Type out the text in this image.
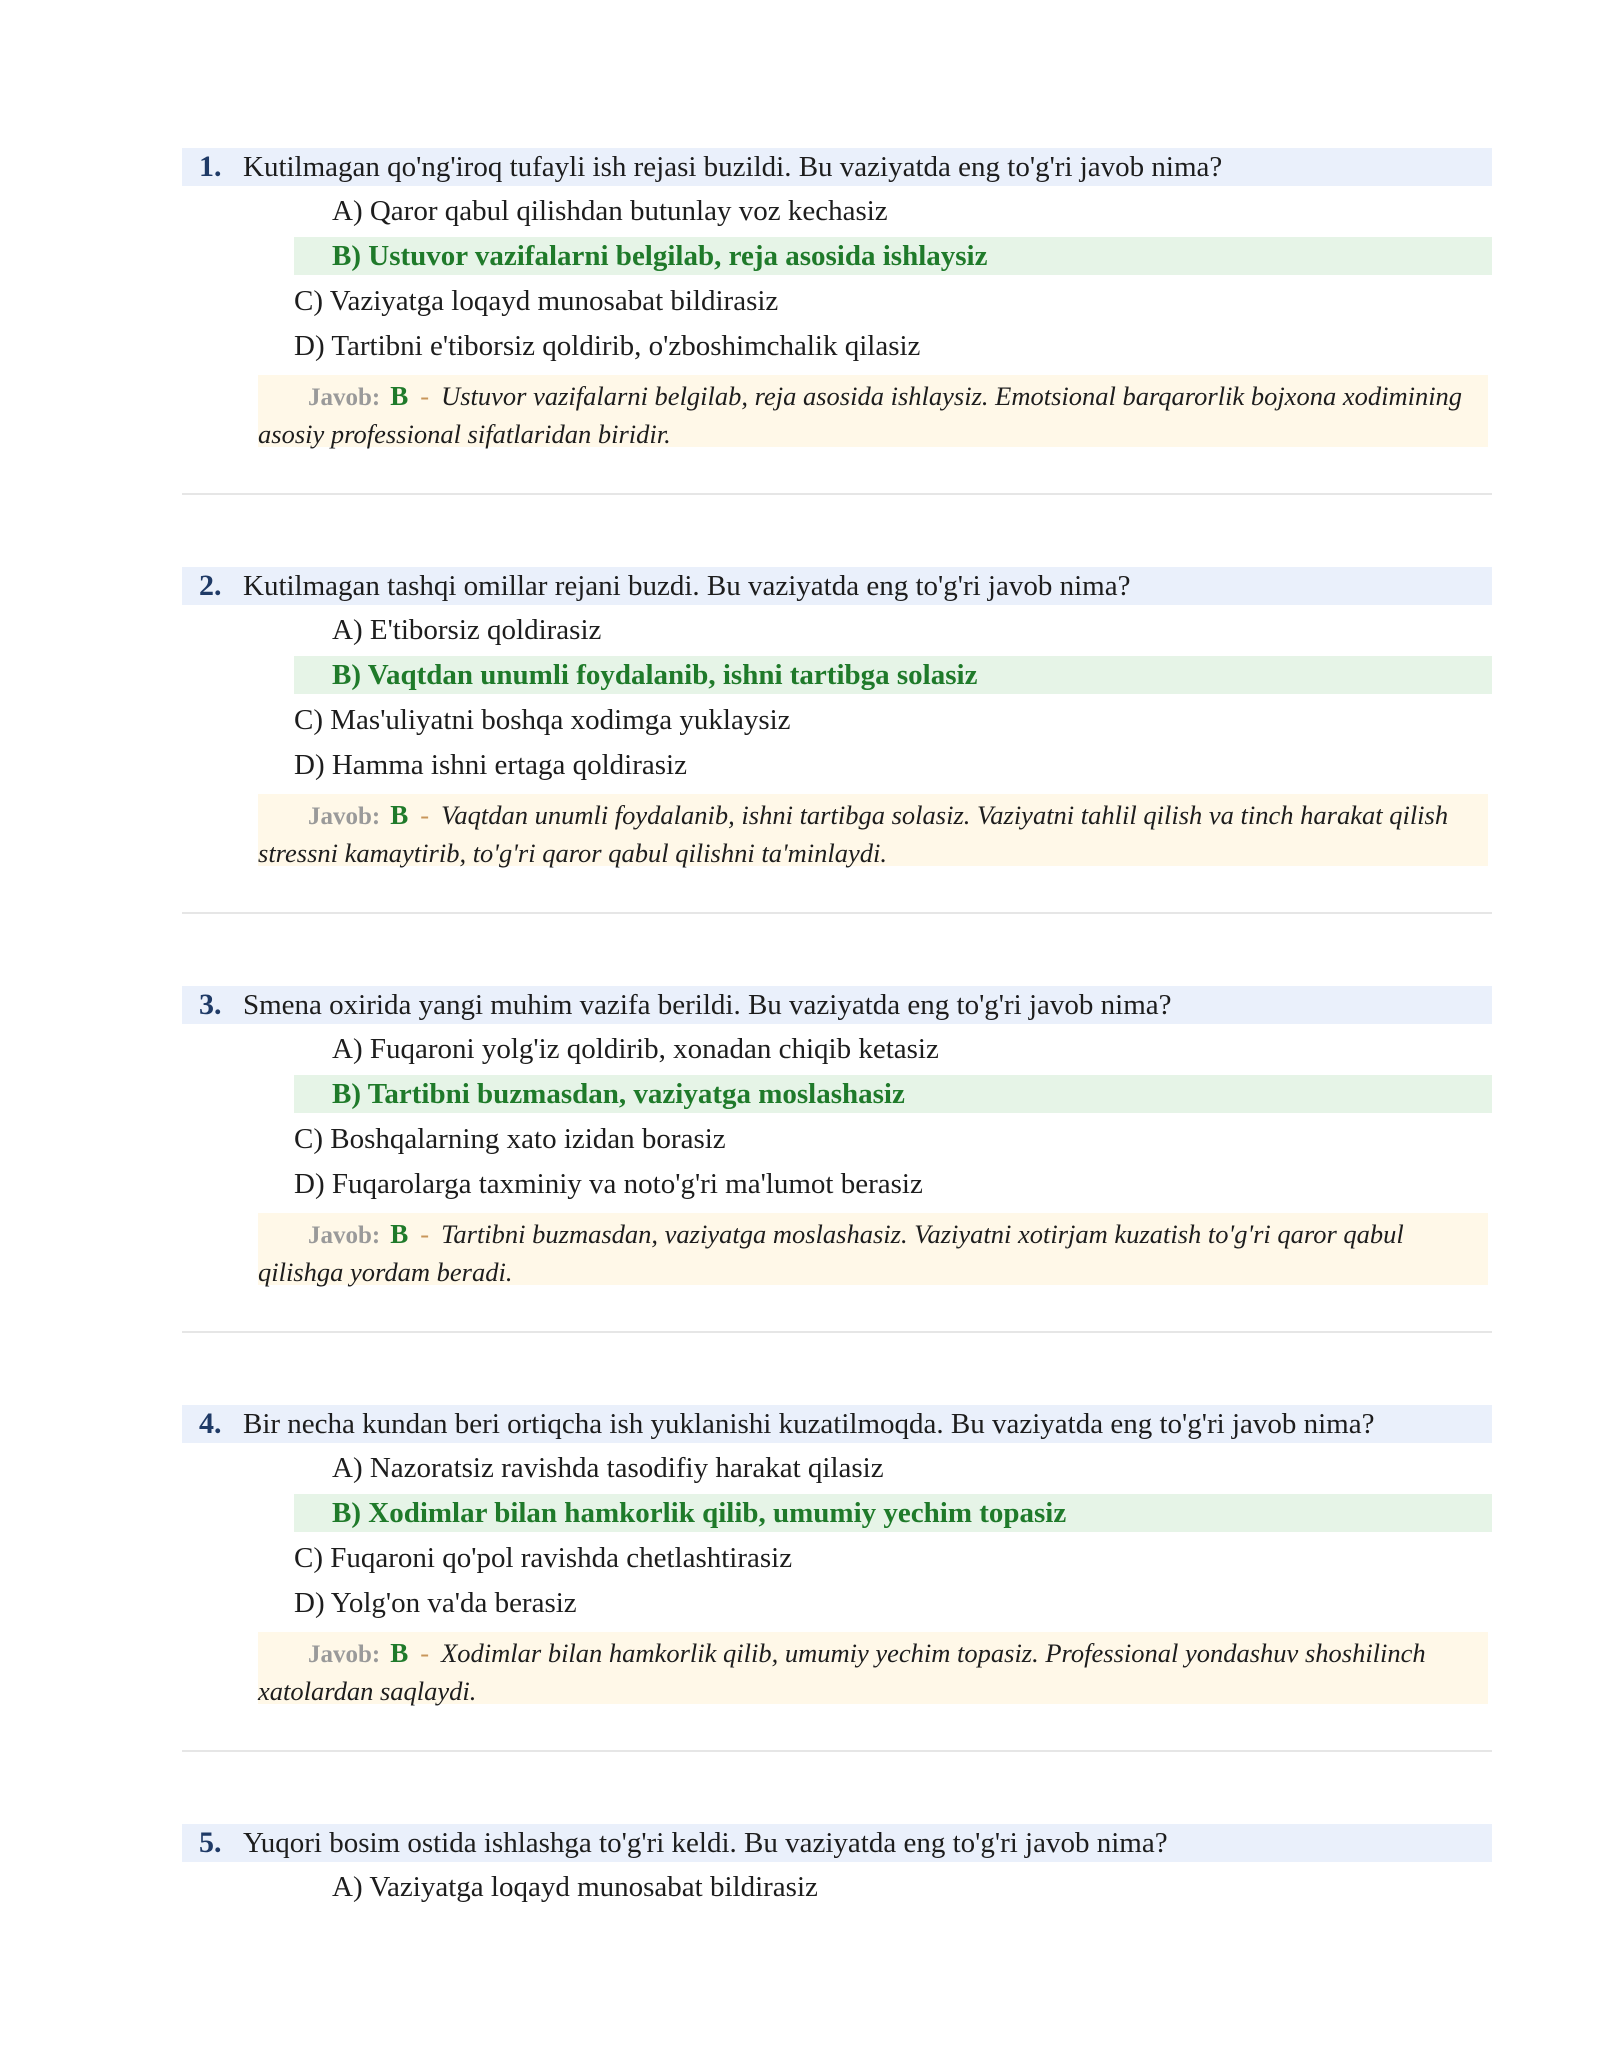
1. Kutilmagan qo'ng'iroq tufayli ish rejasi buzildi. Bu vaziyatda eng to'g'ri javob nima?
A) Qaror qabul qilishdan butunlay voz kechasiz
B) Ustuvor vazifalarni belgilab, reja asosida ishlaysiz
C) Vaziyatga loqayd munosabat bildirasiz
D) Tartibni e'tiborsiz qoldirib, o'zboshimchalik qilasiz
Javob: B - Ustuvor vazifalarni belgilab, reja asosida ishlaysiz. Emotsional barqarorlik bojxona xodimining asosiy professional sifatlaridan biridir.
2. Kutilmagan tashqi omillar rejani buzdi. Bu vaziyatda eng to'g'ri javob nima?
A) E'tiborsiz qoldirasiz
B) Vaqtdan unumli foydalanib, ishni tartibga solasiz
C) Mas'uliyatni boshqa xodimga yuklaysiz
D) Hamma ishni ertaga qoldirasiz
Javob: B - Vaqtdan unumli foydalanib, ishni tartibga solasiz. Vaziyatni tahlil qilish va tinch harakat qilish stressni kamaytirib, to'g'ri qaror qabul qilishni ta'minlaydi.
3. Smena oxirida yangi muhim vazifa berildi. Bu vaziyatda eng to'g'ri javob nima?
A) Fuqaroni yolg'iz qoldirib, xonadan chiqib ketasiz
B) Tartibni buzmasdan, vaziyatga moslashasiz
C) Boshqalarning xato izidan borasiz
D) Fuqarolarga taxminiy va noto'g'ri ma'lumot berasiz
Javob: B - Tartibni buzmasdan, vaziyatga moslashasiz. Vaziyatni xotirjam kuzatish to'g'ri qaror qabul qilishga yordam beradi.
4. Bir necha kundan beri ortiqcha ish yuklanishi kuzatilmoqda. Bu vaziyatda eng to'g'ri javob nima?
A) Nazoratsiz ravishda tasodifiy harakat qilasiz
B) Xodimlar bilan hamkorlik qilib, umumiy yechim topasiz
C) Fuqaroni qo'pol ravishda chetlashtirasiz
D) Yolg'on va'da berasiz
Javob: B - Xodimlar bilan hamkorlik qilib, umumiy yechim topasiz. Professional yondashuv shoshilinch xatolardan saqlaydi.
5. Yuqori bosim ostida ishlashga to'g'ri keldi. Bu vaziyatda eng to'g'ri javob nima?
A) Vaziyatga loqayd munosabat bildirasiz
